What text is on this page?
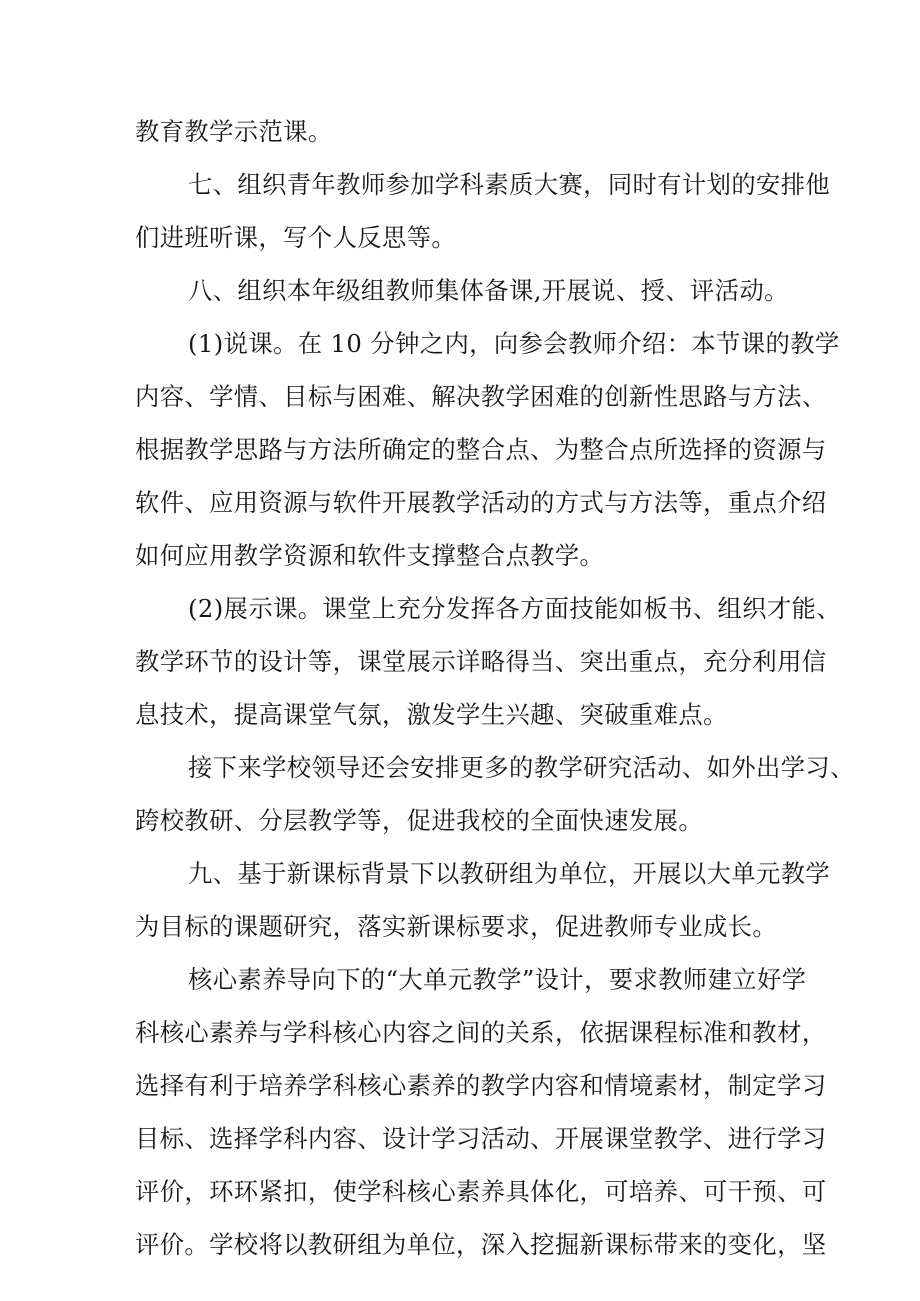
教育教学示范课。
七、组织青年教师参加学科素质大赛，同时有计划的安排他
们进班听课，写个人反思等。
八、组织本年级组教师集体备课,开展说、授、评活动。
(1)说课。在 10 分钟之内，向参会教师介绍：本节课的教学
内容、学情、目标与困难、解决教学困难的创新性思路与方法、
根据教学思路与方法所确定的整合点、为整合点所选择的资源与
软件、应用资源与软件开展教学活动的方式与方法等，重点介绍
如何应用教学资源和软件支撑整合点教学。
(2)展示课。课堂上充分发挥各方面技能如板书、组织才能、
教学环节的设计等，课堂展示详略得当、突出重点，充分利用信
息技术，提高课堂气氛，激发学生兴趣、突破重难点。
接下来学校领导还会安排更多的教学研究活动、如外出学习、
跨校教研、分层教学等，促进我校的全面快速发展。
九、基于新课标背景下以教研组为单位，开展以大单元教学
为目标的课题研究，落实新课标要求，促进教师专业成长。
核心素养导向下的“大单元教学”设计，要求教师建立好学
科核心素养与学科核心内容之间的关系，依据课程标准和教材，
选择有利于培养学科核心素养的教学内容和情境素材，制定学习
目标、选择学科内容、设计学习活动、开展课堂教学、进行学习
评价，环环紧扣，使学科核心素养具体化，可培养、可干预、可
评价。学校将以教研组为单位，深入挖掘新课标带来的变化，坚
